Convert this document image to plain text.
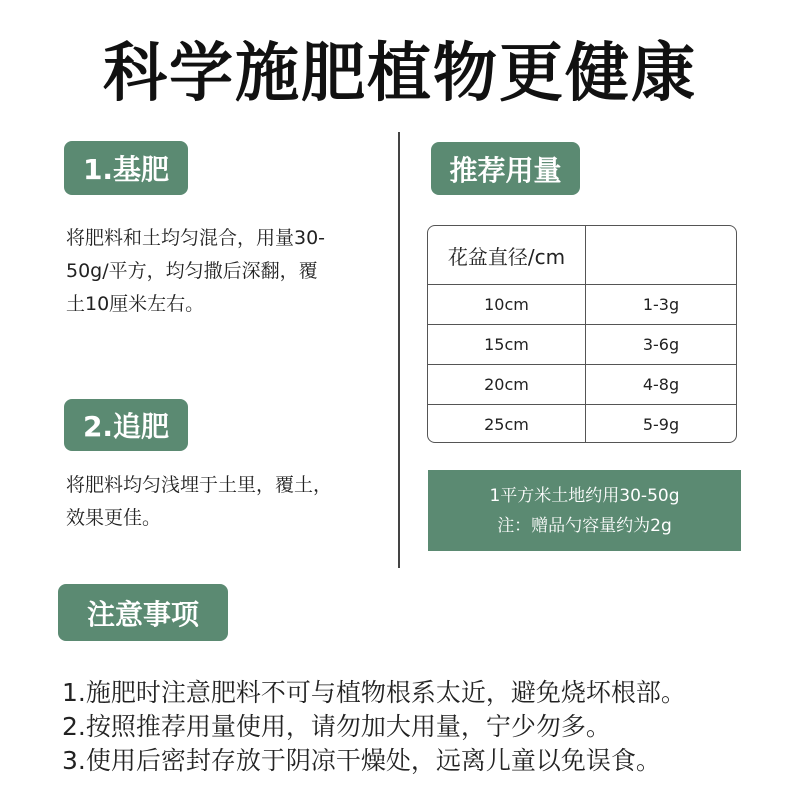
科学施肥植物更健康
1.基肥
将肥料和土均匀混合，用量30-
50g/平方，均匀撒后深翻，覆
土10厘米左右。
2.追肥
将肥料均匀浅埋于土里，覆土，
效果更佳。
推荐用量
花盆直径/cm
10cm	1-3g
15cm	3-6g
20cm	4-8g
25cm	5-9g
1平方米土地约用30-50g
注：赠品勺容量约为2g
注意事项
1.施肥时注意肥料不可与植物根系太近，避免烧坏根部。
2.按照推荐用量使用，请勿加大用量，宁少勿多。
3.使用后密封存放于阴凉干燥处，远离儿童以免误食。
